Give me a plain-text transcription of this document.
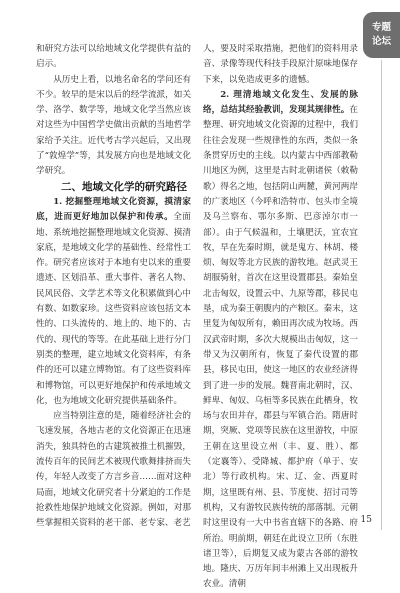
和研究方法可以给地域文化学提供有益的启示。

从历史上看，以地名命名的学问还有不少。较早的是宋以后的经学流派，如关学、洛学、数学等，地域文化学当然应该对这些为中国哲学史做出贡献的当地哲学家给予关注。近代考古学兴起后，又出现了“敦煌学”等，其发展方向也是地域文化学研究。

二、地域文化学的研究路径

1. 挖掘整理地域文化资源，摸清家底，进而更好地加以保护和传承。全面地、系统地挖掘整理地域文化资源、摸清家底，是地域文化学的基础性、经常性工作。研究者应该对于本地有史以来的重要遗迹、区划沿革、重大事件、著名人物、民风民俗、文学艺术等文化积累做到心中有数、如数家珍。这些资料应该包括文本性的、口头流传的、地上的、地下的、古代的、现代的等等。在此基础上进行分门别类的整理，建立地域文化资料库，有条件的还可以建立博物馆。有了这些资料库和博物馆，可以更好地保护和传承地域文化，也为地域文化研究提供基础条件。

应当特别注意的是，随着经济社会的飞速发展，各地古老的文化资源正在迅速消失，独具特色的古建筑被推土机摧毁，流传百年的民间艺术被现代歌舞排挤而失传，年轻人改变了方言乡音……面对这种局面，地域文化研究者十分紧迫的工作是抢救性地保护地域文化资源。例如，对那些掌握相关资料的老干部、老专家、老艺

人，要及时采取措施，把他们的资料用录音、录像等现代科技手段原汁原味地保存下来，以免造成更多的遗憾。

2. 理清地域文化发生、发展的脉络，总结其经验教训，发现其规律性。在整理、研究地域文化资源的过程中，我们往往会发现一些规律性的东西，类似一条条贯穿历史的主线。以内蒙古中西部教勒川地区为例，这里是古时北朝诸侯（敕勒歌）得名之地，包括阴山两麓，黄河两岸的广袤地区（今呼和浩特市、包头市全境及乌兰察布、鄂尔多斯、巴彦淖尔市一部）。由于气候温和，土壤肥沃，宜农宜牧，早在先秦时期，就是鬼方、林胡、楼烦、匈奴等北方民族的游牧地。赵武灵王胡服骑射，首次在这里设置郡县。秦始皇北击匈奴，设置云中、九原等郡，移民屯垦，成为秦王朝腹内的产粮区。秦末，这里复为匈奴所有，赖田再次成为牧场。西汉武帝时期，多次大规模出击匈奴，这一带又为汉朝所有，恢复了秦代设置的郡县，移民屯田，使这一地区的农业经济得到了进一步的发展。魏晋南北朝时，汉、鲜卑、匈奴、乌桓等多民族在此栖身，牧场与农田并存，郡县与军镇合治。隋唐时期，突厥、党项等民族在这里游牧，中原王朝在这里设立州（丰、夏、胜）、都（定襄等）、受降城、都护府（单于、安北）等行政机构。宋、辽、金、西夏时期，这里既有州、县、节度使、招讨司等机构，又有游牧民族传统的部落制。元朝时这里设有一大中书省直辖下的各路、府所治。明前期，朝廷在此设立卫所（东胜诸卫等），后期复又成为蒙古各部的游牧地。隆庆、万历年间丰州滩上又出现板升农业。清朝

专题
论坛
15
